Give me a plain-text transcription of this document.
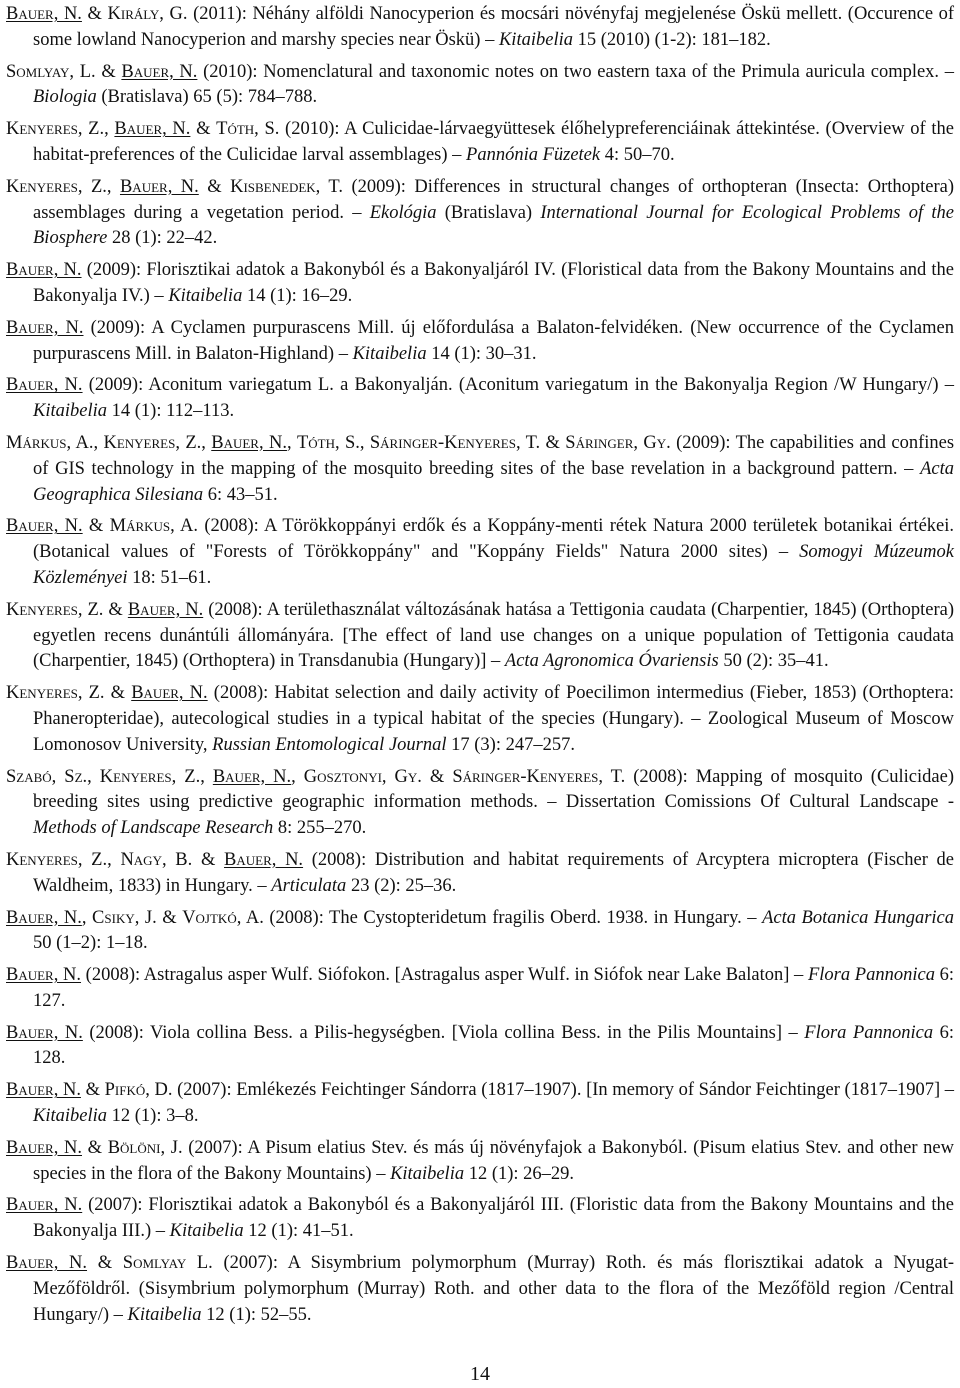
Bauer, N. & Király, G. (2011): Néhány alföldi Nanocyperion és mocsári növényfaj megjelenése Öskü mellett. (Occurence of some lowland Nanocyperion and marshy species near Öskü) – Kitaibelia 15 (2010) (1-2): 181–182.

Somlyay, L. & Bauer, N. (2010): Nomenclatural and taxonomic notes on two eastern taxa of the Primula auricula complex. – Biologia (Bratislava) 65 (5): 784–788.

Kenyeres, Z., Bauer, N. & Tóth, S. (2010): A Culicidae-lárvaegyüttesek élőhelypreferenciáinak áttekintése. (Overview of the habitat-preferences of the Culicidae larval assemblages) – Pannónia Füzetek 4: 50–70.

Kenyeres, Z., Bauer, N. & Kisbenedek, T. (2009): Differences in structural changes of orthopteran (Insecta: Orthoptera) assemblages during a vegetation period. – Ekológia (Bratislava) International Journal for Ecological Problems of the Biosphere 28 (1): 22–42.

Bauer, N. (2009): Florisztikai adatok a Bakonyból és a Bakonyaljáról IV. (Floristical data from the Bakony Mountains and the Bakonyalja IV.) – Kitaibelia 14 (1): 16–29.

Bauer, N. (2009): A Cyclamen purpurascens Mill. új előfordulása a Balaton-felvidéken. (New occurrence of the Cyclamen purpurascens Mill. in Balaton-Highland) – Kitaibelia 14 (1): 30–31.

Bauer, N. (2009): Aconitum variegatum L. a Bakonyalján. (Aconitum variegatum in the Bakonyalja Region /W Hungary/) – Kitaibelia 14 (1): 112–113.

Márkus, A., Kenyeres, Z., Bauer, N., Tóth, S., Sáringer-Kenyeres, T. & Sáringer, Gy. (2009): The capabilities and confines of GIS technology in the mapping of the mosquito breeding sites of the base revelation in a background pattern. – Acta Geographica Silesiana 6: 43–51.

Bauer, N. & Márkus, A. (2008): A Törökkoppányi erdők és a Koppány-menti rétek Natura 2000 területek botanikai értékei. (Botanical values of "Forests of Törökkoppány" and "Koppány Fields" Natura 2000 sites) – Somogyi Múzeumok Közleményei 18: 51–61.

Kenyeres, Z. & Bauer, N. (2008): A területhasználat változásának hatása a Tettigonia caudata (Charpentier, 1845) (Orthoptera) egyetlen recens dunántúli állományára. [The effect of land use changes on a unique population of Tettigonia caudata (Charpentier, 1845) (Orthoptera) in Transdanubia (Hungary)] – Acta Agronomica Óvariensis 50 (2): 35–41.

Kenyeres, Z. & Bauer, N. (2008): Habitat selection and daily activity of Poecilimon intermedius (Fieber, 1853) (Orthoptera: Phaneropteridae), autecological studies in a typical habitat of the species (Hungary). – Zoological Museum of Moscow Lomonosov University, Russian Entomological Journal 17 (3): 247–257.

Szabó, Sz., Kenyeres, Z., Bauer, N., Gosztonyi, Gy. & Sáringer-Kenyeres, T. (2008): Mapping of mosquito (Culicidae) breeding sites using predictive geographic information methods. – Dissertation Comissions Of Cultural Landscape - Methods of Landscape Research 8: 255–270.

Kenyeres, Z., Nagy, B. & Bauer, N. (2008): Distribution and habitat requirements of Arcyptera microptera (Fischer de Waldheim, 1833) in Hungary. – Articulata 23 (2): 25–36.

Bauer, N., Csiky, J. & Vojtkó, A. (2008): The Cystopteridetum fragilis Oberd. 1938. in Hungary. – Acta Botanica Hungarica 50 (1–2): 1–18.

Bauer, N. (2008): Astragalus asper Wulf. Siófokon. [Astragalus asper Wulf. in Siófok near Lake Balaton] – Flora Pannonica 6: 127.

Bauer, N. (2008): Viola collina Bess. a Pilis-hegységben. [Viola collina Bess. in the Pilis Mountains] – Flora Pannonica 6: 128.

Bauer, N. & Pifkó, D. (2007): Emlékezés Feichtinger Sándorra (1817–1907). [In memory of Sándor Feichtinger (1817–1907] – Kitaibelia 12 (1): 3–8.

Bauer, N. & Bölöni, J. (2007): A Pisum elatius Stev. és más új növényfajok a Bakonyból. (Pisum elatius Stev. and other new species in the flora of the Bakony Mountains) – Kitaibelia 12 (1): 26–29.

Bauer, N. (2007): Florisztikai adatok a Bakonyból és a Bakonyaljáról III. (Floristic data from the Bakony Mountains and the Bakonyalja III.) – Kitaibelia 12 (1): 41–51.

Bauer, N. & Somlyay L. (2007): A Sisymbrium polymorphum (Murray) Roth. és más florisztikai adatok a Nyugat-Mezőföldről. (Sisymbrium polymorphum (Murray) Roth. and other data to the flora of the Mezőföld region /Central Hungary/) – Kitaibelia 12 (1): 52–55.

14
